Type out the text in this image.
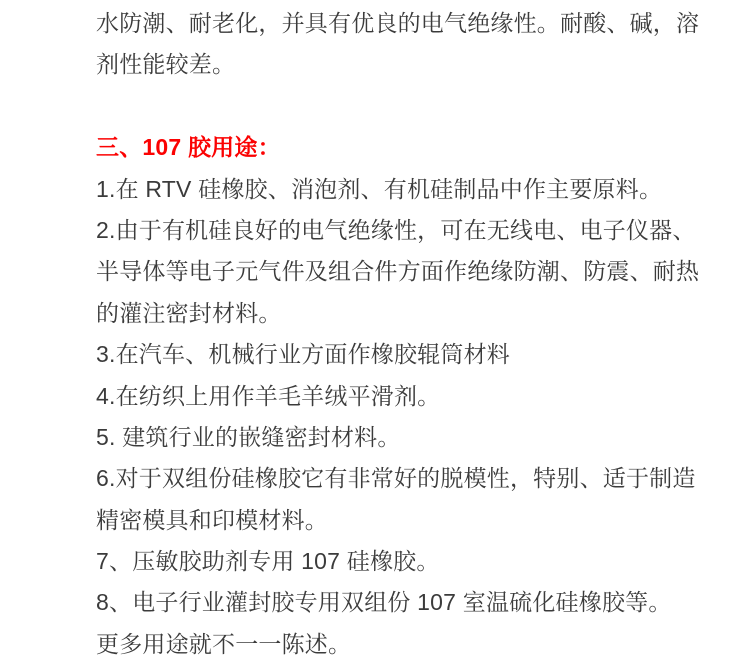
水防潮、耐老化，并具有优良的电气绝缘性。耐酸、碱，溶
剂性能较差。
三、107 胶用途：
1.在 RTV 硅橡胶、消泡剂、有机硅制品中作主要原料。
2.由于有机硅良好的电气绝缘性，可在无线电、电子仪器、
半导体等电子元气件及组合件方面作绝缘防潮、防震、耐热
的灌注密封材料。
3.在汽车、机械行业方面作橡胶辊筒材料
4.在纺织上用作羊毛羊绒平滑剂。
5. 建筑行业的嵌缝密封材料。
6.对于双组份硅橡胶它有非常好的脱模性，特别、适于制造
精密模具和印模材料。
7、压敏胶助剂专用 107 硅橡胶。
8、电子行业灌封胶专用双组份 107 室温硫化硅橡胶等。
更多用途就不一一陈述。
